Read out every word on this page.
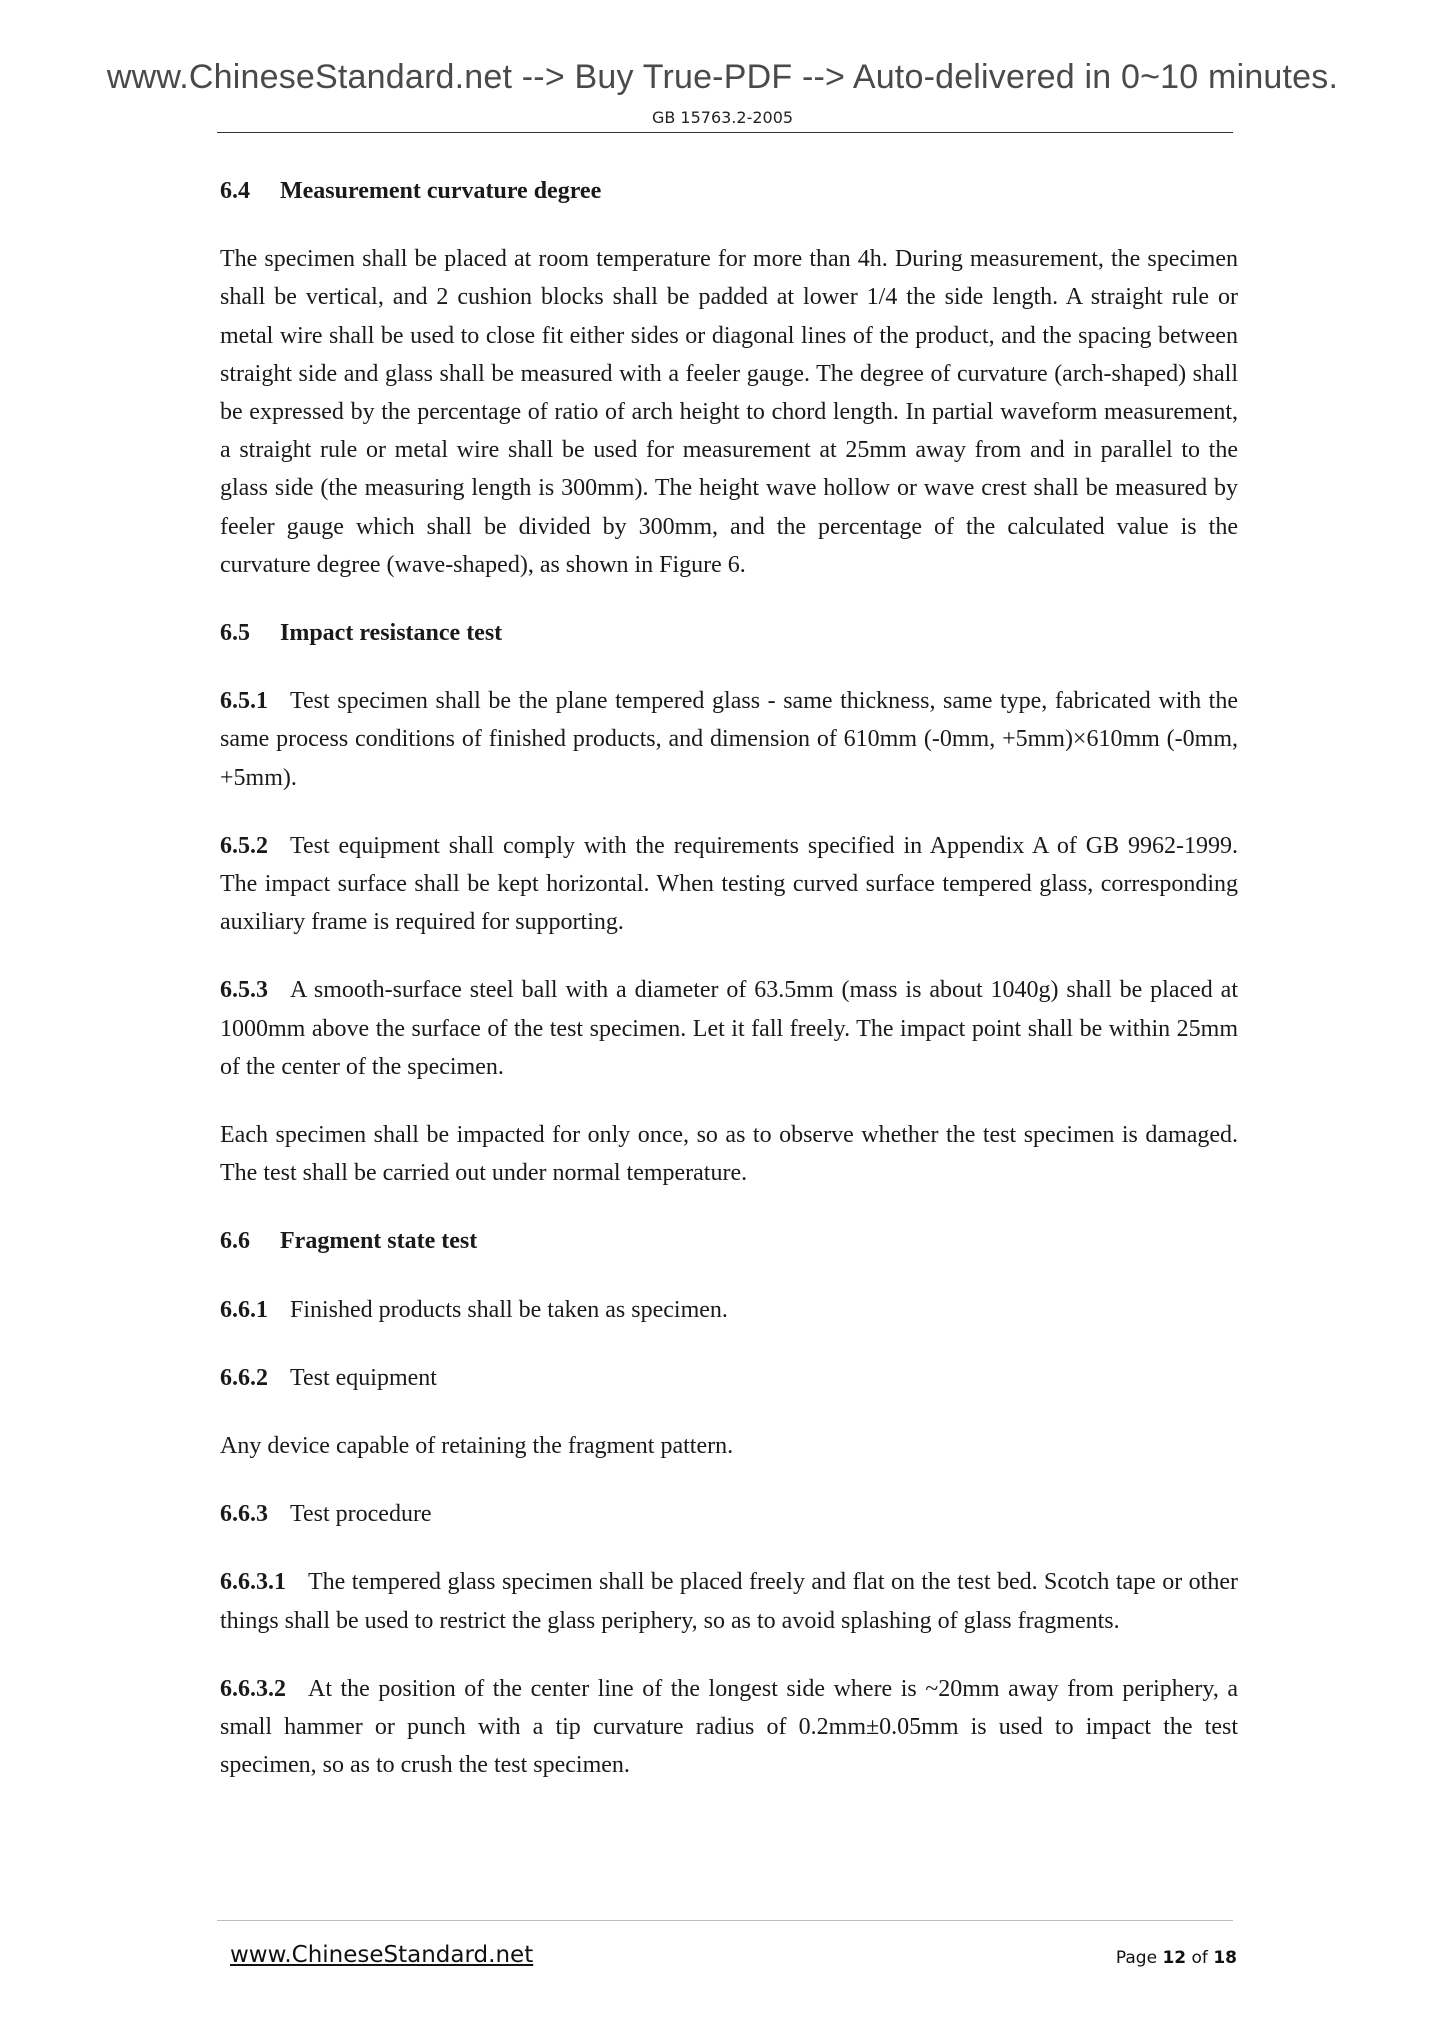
www.ChineseStandard.net --> Buy True-PDF --> Auto-delivered in 0~10 minutes.
GB 15763.2-2005
6.4 Measurement curvature degree

The specimen shall be placed at room temperature for more than 4h. During measurement, the specimen shall be vertical, and 2 cushion blocks shall be padded at lower 1/4 the side length. A straight rule or metal wire shall be used to close fit either sides or diagonal lines of the product, and the spacing between straight side and glass shall be measured with a feeler gauge. The degree of curvature (arch-shaped) shall be expressed by the percentage of ratio of arch height to chord length. In partial waveform measurement, a straight rule or metal wire shall be used for measurement at 25mm away from and in parallel to the glass side (the measuring length is 300mm). The height wave hollow or wave crest shall be measured by feeler gauge which shall be divided by 300mm, and the percentage of the calculated value is the curvature degree (wave-shaped), as shown in Figure 6.

6.5 Impact resistance test

6.5.1 Test specimen shall be the plane tempered glass - same thickness, same type, fabricated with the same process conditions of finished products, and dimension of 610mm (-0mm, +5mm)×610mm (-0mm, +5mm).

6.5.2 Test equipment shall comply with the requirements specified in Appendix A of GB 9962-1999. The impact surface shall be kept horizontal. When testing curved surface tempered glass, corresponding auxiliary frame is required for supporting.

6.5.3 A smooth-surface steel ball with a diameter of 63.5mm (mass is about 1040g) shall be placed at 1000mm above the surface of the test specimen. Let it fall freely. The impact point shall be within 25mm of the center of the specimen.

Each specimen shall be impacted for only once, so as to observe whether the test specimen is damaged. The test shall be carried out under normal temperature.

6.6 Fragment state test

6.6.1 Finished products shall be taken as specimen.

6.6.2 Test equipment

Any device capable of retaining the fragment pattern.

6.6.3 Test procedure

6.6.3.1 The tempered glass specimen shall be placed freely and flat on the test bed. Scotch tape or other things shall be used to restrict the glass periphery, so as to avoid splashing of glass fragments.

6.6.3.2 At the position of the center line of the longest side where is ~20mm away from periphery, a small hammer or punch with a tip curvature radius of 0.2mm±0.05mm is used to impact the test specimen, so as to crush the test specimen.

www.ChineseStandard.net	Page 12 of 18
